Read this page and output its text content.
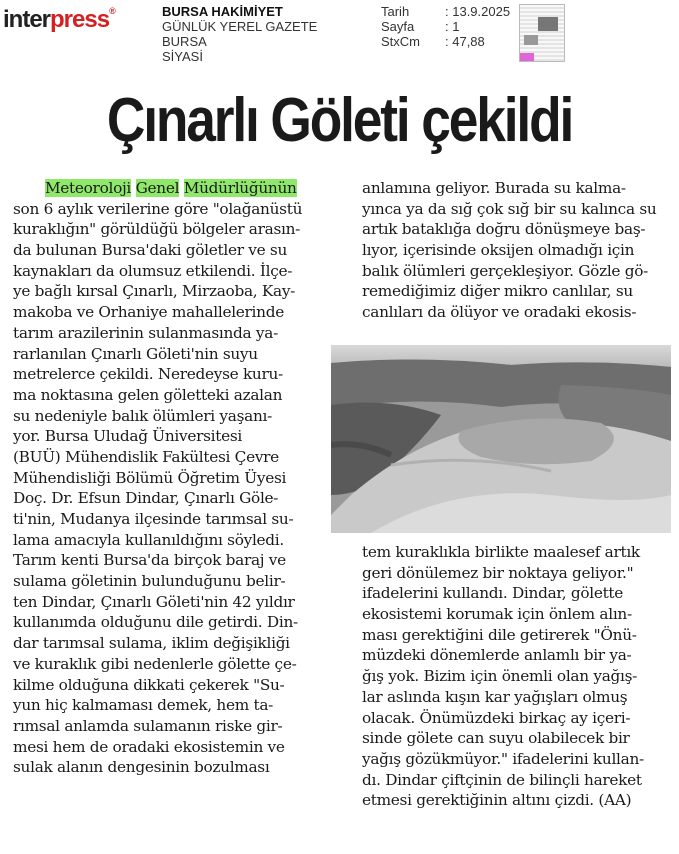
interpress®	BURSA HAKİMİYET
GÜNLÜK YEREL GAZETE
BURSA
SİYASİ
Tarih	: 13.9.2025
Sayfa	: 1
StxCm	: 47,88
Çınarlı Göleti çekildi
Meteoroloji Genel Müdürlüğünün
son 6 aylık verilerine göre "olağanüstü
kuraklığın" görüldüğü bölgeler arasın-
da bulunan Bursa'daki göletler ve su
kaynakları da olumsuz etkilendi. İlçe-
ye bağlı kırsal Çınarlı, Mirzaoba, Kay-
makoba ve Orhaniye mahallelerinde
tarım arazilerinin sulanmasında ya-
rarlanılan Çınarlı Göleti'nin suyu
metrelerce çekildi. Neredeyse kuru-
ma noktasına gelen göletteki azalan
su nedeniyle balık ölümleri yaşanı-
yor. Bursa Uludağ Üniversitesi
(BUÜ) Mühendislik Fakültesi Çevre
Mühendisliği Bölümü Öğretim Üyesi
Doç. Dr. Efsun Dindar, Çınarlı Göle-
ti'nin, Mudanya ilçesinde tarımsal su-
lama amacıyla kullanıldığını söyledi.
Tarım kenti Bursa'da birçok baraj ve
sulama göletinin bulunduğunu belir-
ten Dindar, Çınarlı Göleti'nin 42 yıldır
kullanımda olduğunu dile getirdi. Din-
dar tarımsal sulama, iklim değişikliği
ve kuraklık gibi nedenlerle gölette çe-
kilme olduğuna dikkati çekerek "Su-
yun hiç kalmaması demek, hem ta-
rımsal anlamda sulamanın riske gir-
mesi hem de oradaki ekosistemin ve
sulak alanın dengesinin bozulması
anlamına geliyor. Burada su kalma-
yınca ya da sığ çok sığ bir su kalınca su
artık bataklığa doğru dönüşmeye baş-
lıyor, içerisinde oksijen olmadığı için
balık ölümleri gerçekleşiyor. Gözle gö-
remediğimiz diğer mikro canlılar, su
canlıları da ölüyor ve oradaki ekosis-
tem kuraklıkla birlikte maalesef artık
geri dönülemez bir noktaya geliyor."
ifadelerini kullandı. Dindar, gölette
ekosistemi korumak için önlem alın-
ması gerektiğini dile getirerek "Önü-
müzdeki dönemlerde anlamlı bir ya-
ğış yok. Bizim için önemli olan yağış-
lar aslında kışın kar yağışları olmuş
olacak. Önümüzdeki birkaç ay içeri-
sinde gölete can suyu olabilecek bir
yağış gözükmüyor." ifadelerini kullan-
dı. Dindar çiftçinin de bilinçli hareket
etmesi gerektiğinin altını çizdi. (AA)
